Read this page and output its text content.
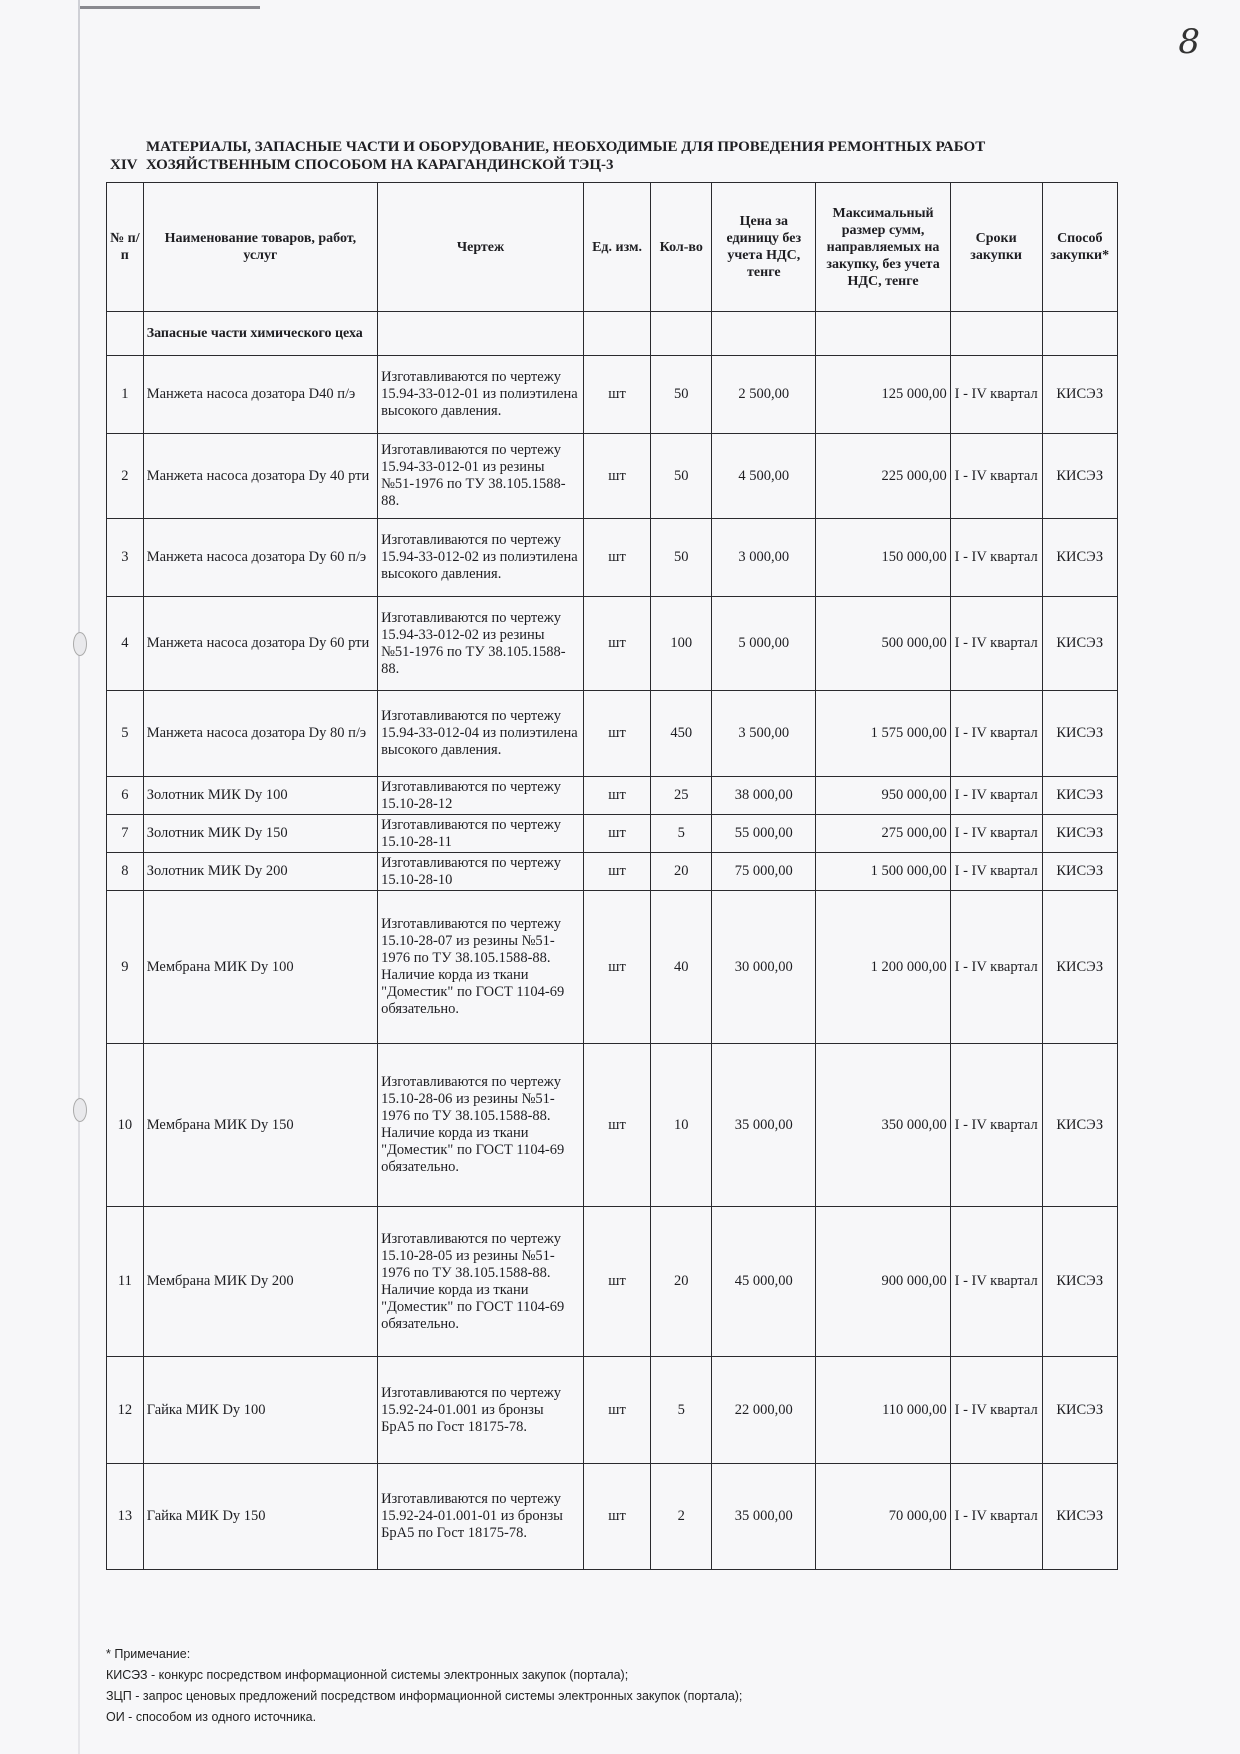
8
XIV
МАТЕРИАЛЫ, ЗАПАСНЫЕ ЧАСТИ И ОБОРУДОВАНИЕ, НЕОБХОДИМЫЕ ДЛЯ ПРОВЕДЕНИЯ РЕМОНТНЫХ РАБОТ ХОЗЯЙСТВЕННЫМ СПОСОБОМ НА КАРАГАНДИНСКОЙ ТЭЦ-3
№ п/п	Наименование товаров, работ, услуг	Чертеж	Ед. изм.	Кол-во	Цена за единицу без учета НДС, тенге	Максимальный размер сумм, направляемых на закупку, без учета НДС, тенге	Сроки закупки	Способ закупки*
	Запасные части химического цеха							
1	Манжета насоса дозатора D40 п/э	Изготавливаются по чертежу 15.94-33-012-01 из полиэтилена высокого давления.	шт	50	2 500,00	125 000,00	I - IV квартал	КИСЭЗ
2	Манжета насоса дозатора Dy 40 рти	Изготавливаются по чертежу 15.94-33-012-01 из резины №51-1976 по ТУ 38.105.1588-88.	шт	50	4 500,00	225 000,00	I - IV квартал	КИСЭЗ
3	Манжета насоса дозатора Dy 60 п/э	Изготавливаются по чертежу 15.94-33-012-02 из полиэтилена высокого давления.	шт	50	3 000,00	150 000,00	I - IV квартал	КИСЭЗ
4	Манжета насоса дозатора Dy 60 рти	Изготавливаются по чертежу 15.94-33-012-02 из резины №51-1976 по ТУ 38.105.1588-88.	шт	100	5 000,00	500 000,00	I - IV квартал	КИСЭЗ
5	Манжета насоса дозатора Dy 80 п/э	Изготавливаются по чертежу 15.94-33-012-04 из полиэтилена высокого давления.	шт	450	3 500,00	1 575 000,00	I - IV квартал	КИСЭЗ
6	Золотник МИК Dy 100	Изготавливаются по чертежу 15.10-28-12	шт	25	38 000,00	950 000,00	I - IV квартал	КИСЭЗ
7	Золотник МИК Dy 150	Изготавливаются по чертежу 15.10-28-11	шт	5	55 000,00	275 000,00	I - IV квартал	КИСЭЗ
8	Золотник МИК Dy 200	Изготавливаются по чертежу 15.10-28-10	шт	20	75 000,00	1 500 000,00	I - IV квартал	КИСЭЗ
9	Мембрана МИК Dy 100	Изготавливаются по чертежу 15.10-28-07 из резины №51-1976 по ТУ 38.105.1588-88. Наличие корда из ткани "Доместик" по ГОСТ 1104-69 обязательно.	шт	40	30 000,00	1 200 000,00	I - IV квартал	КИСЭЗ
10	Мембрана МИК Dy 150	Изготавливаются по чертежу 15.10-28-06 из резины №51-1976 по ТУ 38.105.1588-88. Наличие корда из ткани "Доместик" по ГОСТ 1104-69 обязательно.	шт	10	35 000,00	350 000,00	I - IV квартал	КИСЭЗ
11	Мембрана МИК Dy 200	Изготавливаются по чертежу 15.10-28-05 из резины №51-1976 по ТУ 38.105.1588-88. Наличие корда из ткани "Доместик" по ГОСТ 1104-69 обязательно.	шт	20	45 000,00	900 000,00	I - IV квартал	КИСЭЗ
12	Гайка МИК Dy 100	Изготавливаются по чертежу 15.92-24-01.001 из бронзы БрА5 по Гост 18175-78.	шт	5	22 000,00	110 000,00	I - IV квартал	КИСЭЗ
13	Гайка МИК Dy 150	Изготавливаются по чертежу 15.92-24-01.001-01 из бронзы БрА5 по Гост 18175-78.	шт	2	35 000,00	70 000,00	I - IV квартал	КИСЭЗ
* Примечание:
КИСЭЗ - конкурс посредством информационной системы электронных закупок (портала);
ЗЦП - запрос ценовых предложений посредством информационной системы электронных закупок (портала);
ОИ - способом из одного источника.
